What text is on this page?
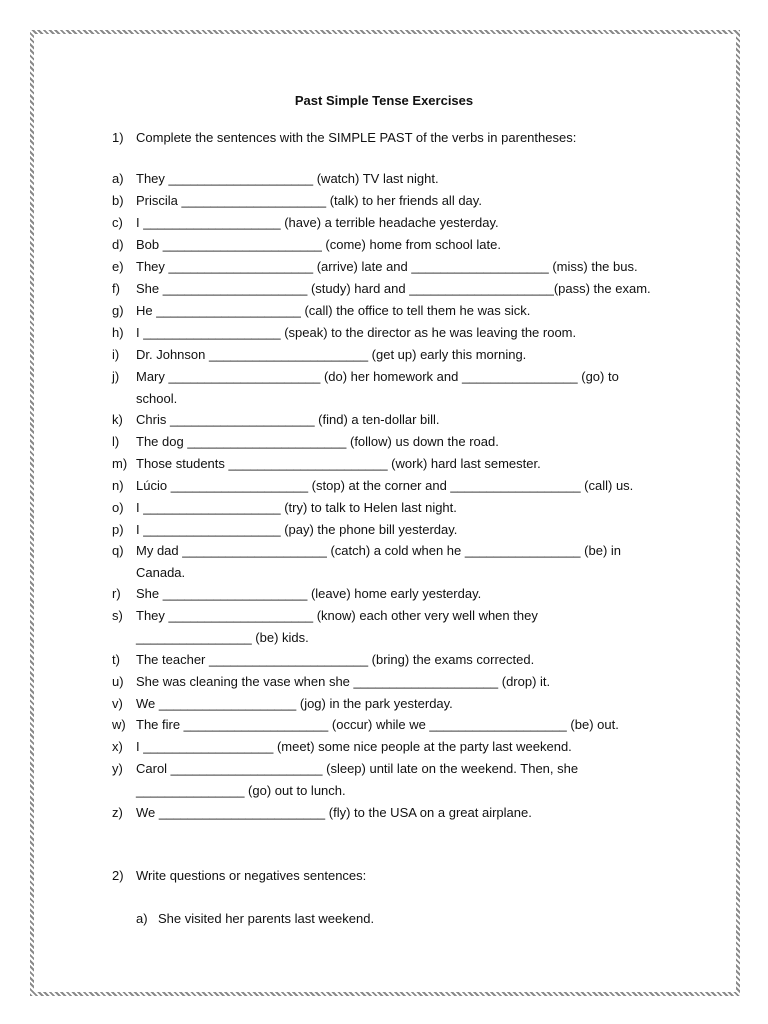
Past Simple Tense Exercises
1) Complete the sentences with the SIMPLE PAST of the verbs in parentheses:
a) They ____________________ (watch) TV last night.
b) Priscila ____________________ (talk) to her friends all day.
c)	I ___________________ (have) a terrible headache yesterday.
d) Bob ______________________ (come) home from school late.
e) They ____________________ (arrive) late and ___________________ (miss) the bus.
f)	She ____________________ (study) hard and ____________________(pass) the exam.
g) He ____________________ (call) the office to tell them he was sick.
h) I ___________________ (speak) to the director as he was leaving the room.
i)	Dr. Johnson ______________________ (get up) early this morning.
j)	Mary _____________________ (do) her homework and ________________ (go) to
school.
k)	Chris ____________________ (find) a ten-dollar bill.
l)	The dog ______________________ (follow) us down the road.
m) Those students ______________________ (work) hard last semester.
n) Lúcio ___________________ (stop) at the corner and __________________ (call) us.
o) I ___________________ (try) to talk to Helen last night.
p) I ___________________ (pay) the phone bill yesterday.
q) My dad ____________________ (catch) a cold when he ________________ (be) in
Canada.
r)	She ____________________ (leave) home early yesterday.
s)	They ____________________ (know) each other very well when they
________________ (be) kids.
t)	The teacher ______________________ (bring) the exams corrected.
u) She was cleaning the vase when she ____________________ (drop) it.
v)	We ___________________ (jog) in the park yesterday.
w) The fire ____________________ (occur) while we ___________________ (be) out.
x)	I __________________ (meet) some nice people at the party last weekend.
y)	Carol _____________________ (sleep) until late on the weekend. Then, she
_______________ (go) out to lunch.
z)	We _______________________ (fly) to the USA on a great airplane.
2) Write questions or negatives sentences:
a) She visited her parents last weekend.
